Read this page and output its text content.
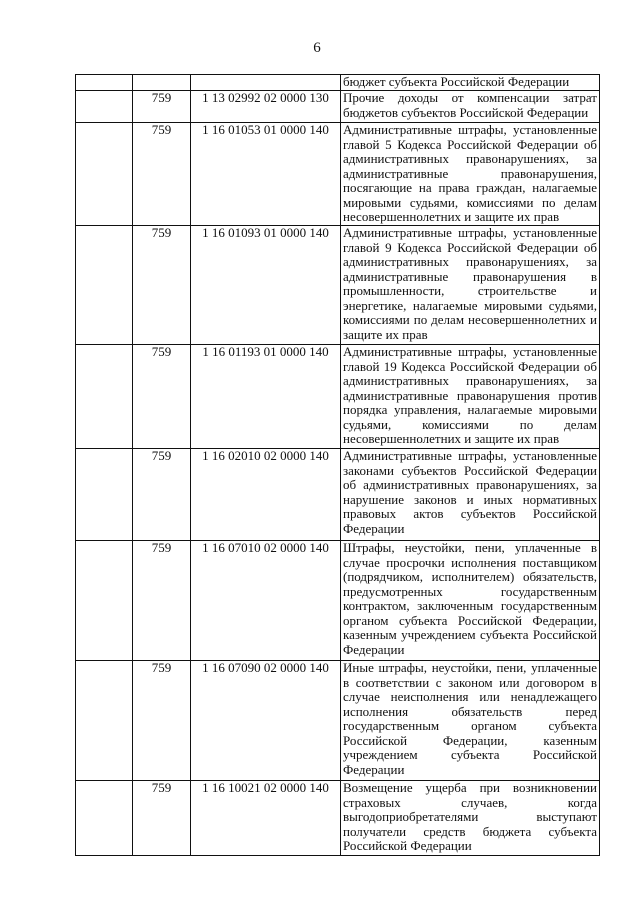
6
			бюджет субъекта Российской Федерации
	759	1 13 02992 02 0000 130	Прочие доходы от компенсации затрат бюджетов субъектов Российской Федерации
	759	1 16 01053 01 0000 140	Административные штрафы, установленные главой 5 Кодекса Российской Федерации об административных правонарушениях, за административные правонарушения, посягающие на права граждан, налагаемые мировыми судьями, комиссиями по делам несовершеннолетних и защите их прав
	759	1 16 01093 01 0000 140	Административные штрафы, установленные главой 9 Кодекса Российской Федерации об административных правонарушениях, за административные правонарушения в промышленности, строительстве и энергетике, налагаемые мировыми судьями, комиссиями по делам несовершеннолетних и защите их прав
	759	1 16 01193 01 0000 140	Административные штрафы, установленные главой 19 Кодекса Российской Федерации об административных правонарушениях, за административные правонарушения против порядка управления, налагаемые мировыми судьями, комиссиями по делам несовершеннолетних и защите их прав
	759	1 16 02010 02 0000 140	Административные штрафы, установленные законами субъектов Российской Федерации об административных правонарушениях, за нарушение законов и иных нормативных правовых актов субъектов Российской Федерации
	759	1 16 07010 02 0000 140	Штрафы, неустойки, пени, уплаченные в случае просрочки исполнения поставщиком (подрядчиком, исполнителем) обязательств, предусмотренных государственным контрактом, заключенным государственным органом субъекта Российской Федерации, казенным учреждением субъекта Российской Федерации
	759	1 16 07090 02 0000 140	Иные штрафы, неустойки, пени, уплаченные в соответствии с законом или договором в случае неисполнения или ненадлежащего исполнения обязательств перед государственным органом субъекта Российской Федерации, казенным учреждением субъекта Российской Федерации
	759	1 16 10021 02 0000 140	Возмещение ущерба при возникновении страховых случаев, когда выгодоприобретателями выступают получатели средств бюджета субъекта Российской Федерации
